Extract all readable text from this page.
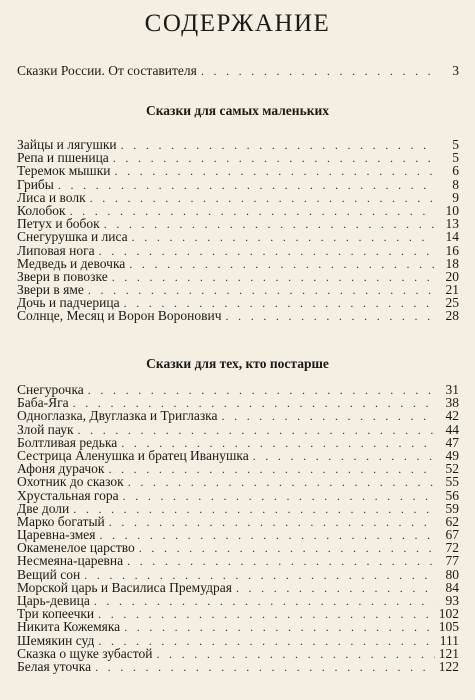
СОДЕРЖАНИЕ
Сказки России. От составителя . . .	3
Сказки для самых маленьких
Зайцы и лягушки . . .	5
Репа и пшеница . . .	5
Теремок мышки . . .	6
Грибы . . .	8
Лиса и волк . . .	9
Колобок . . .	10
Петух и бобок . . .	13
Снегурушка и лиса . . .	14
Липовая нога . . .	16
Медведь и девочка . . .	18
Звери в повозке . . .	20
Звери в яме . . .	21
Дочь и падчерица . . .	25
Солнце, Месяц и Ворон Воронович . . .	28
Сказки для тех, кто постарше
Снегурочка . . .	31
Баба-Яга . . .	38
Одноглазка, Двуглазка и Триглазка . . .	42
Злой паук . . .	44
Болтливая редька . . .	47
Сестрица Аленушка и братец Иванушка . . .	49
Афоня дурачок . . .	52
Охотник до сказок . . .	55
Хрустальная гора . . .	56
Две доли . . .	59
Марко богатый . . .	62
Царевна-змея . . .	67
Окаменелое царство . . .	72
Несмеяна-царевна . . .	77
Вещий сон . . .	80
Морской царь и Василиса Премудрая . . .	84
Царь-девица . . .	93
Три копеечки . . .	102
Никита Кожемяка . . .	105
Шемякин суд . . .	111
Сказка о щуке зубастой . . .	121
Белая уточка . . .	122
